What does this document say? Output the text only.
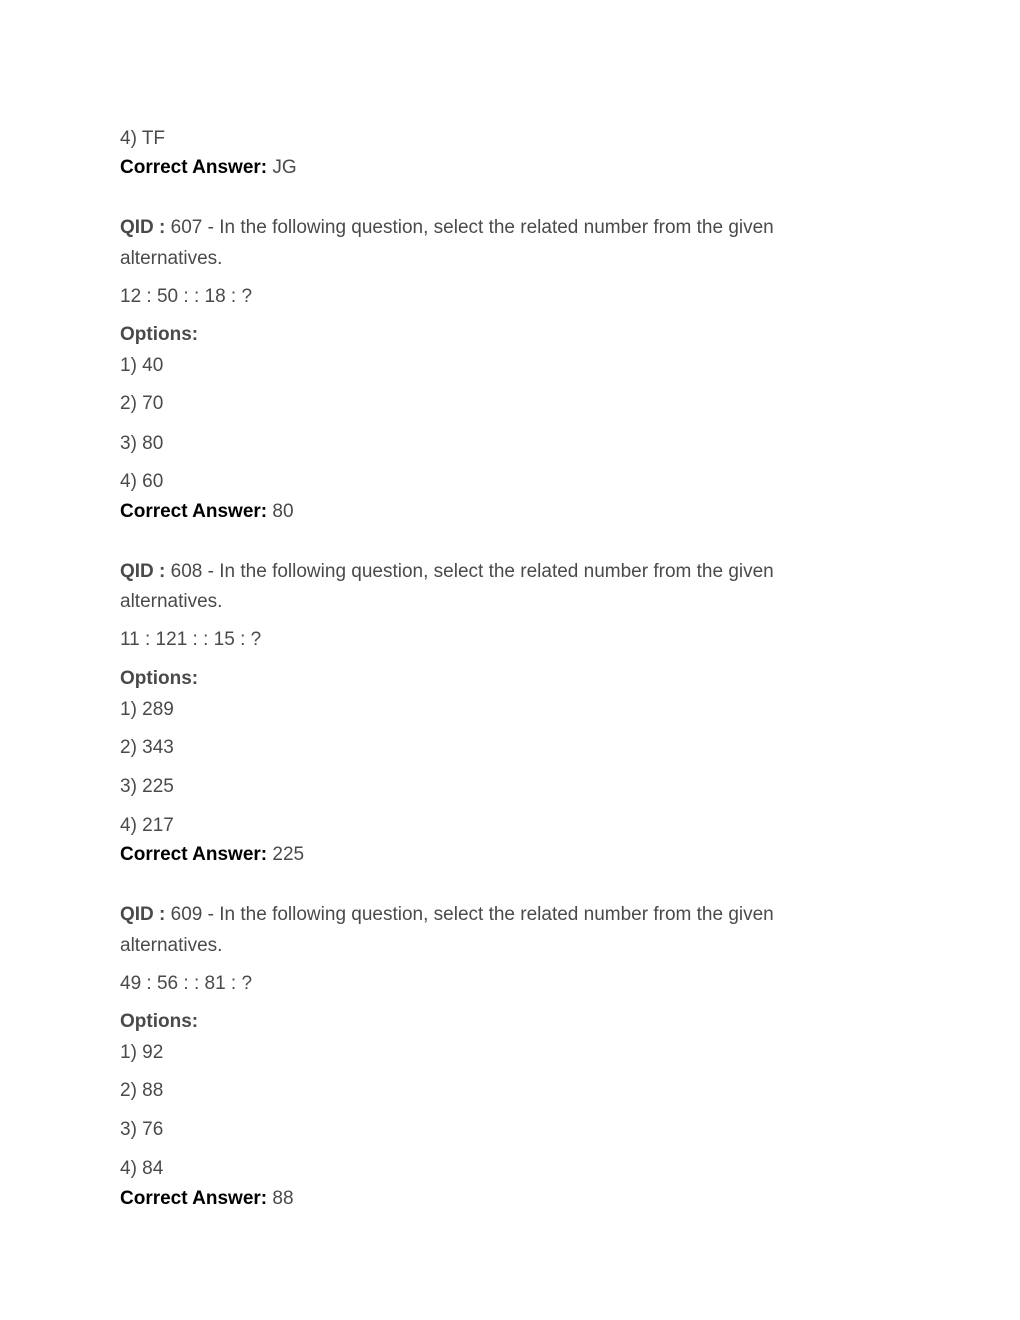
4) TF
Correct Answer: JG
QID : 607 - In the following question, select the related number from the given
alternatives.
12 : 50 : : 18 : ?
Options:
1) 40
2) 70
3) 80
4) 60
Correct Answer: 80
QID : 608 - In the following question, select the related number from the given
alternatives.
11 : 121 : : 15 : ?
Options:
1) 289
2) 343
3) 225
4) 217
Correct Answer: 225
QID : 609 - In the following question, select the related number from the given
alternatives.
49 : 56 : : 81 : ?
Options:
1) 92
2) 88
3) 76
4) 84
Correct Answer: 88
